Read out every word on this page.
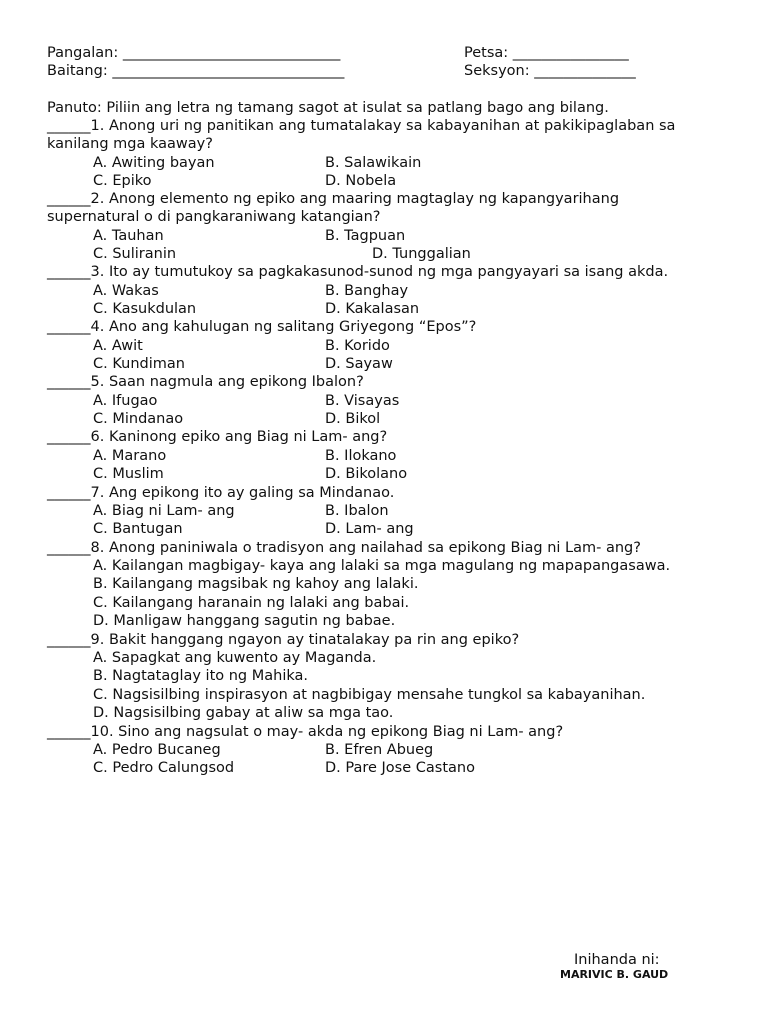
Pangalan: ______________________________	Petsa: ________________
Baitang: ________________________________	Seksyon: ______________
Panuto: Piliin ang letra ng tamang sagot at isulat sa patlang bago ang bilang.
______1. Anong uri ng panitikan ang tumatalakay sa kabayanihan at pakikipaglaban sa
kanilang mga kaaway?
A. Awiting bayan	B. Salawikain
C. Epiko	D. Nobela
______2. Anong elemento ng epiko ang maaring magtaglay ng kapangyarihang
supernatural o di pangkaraniwang katangian?
A. Tauhan	B. Tagpuan
C. Suliranin	D. Tunggalian
______3. Ito ay tumutukoy sa pagkakasunod-sunod ng mga pangyayari sa isang akda.
A. Wakas	B. Banghay
C. Kasukdulan	D. Kakalasan
______4. Ano ang kahulugan ng salitang Griyegong “Epos”?
A. Awit	B. Korido
C. Kundiman	D. Sayaw
______5. Saan nagmula ang epikong Ibalon?
A. Ifugao	B. Visayas
C. Mindanao	D. Bikol
______6. Kaninong epiko ang Biag ni Lam- ang?
A. Marano	B. Ilokano
C. Muslim	D. Bikolano
______7. Ang epikong ito ay galing sa Mindanao.
A. Biag ni Lam- ang	B. Ibalon
C. Bantugan	D. Lam- ang
______8. Anong paniniwala o tradisyon ang nailahad sa epikong Biag ni Lam- ang?
A. Kailangan magbigay- kaya ang lalaki sa mga magulang ng mapapangasawa.
B. Kailangang magsibak ng kahoy ang lalaki.
C. Kailangang haranain ng lalaki ang babai.
D. Manligaw hanggang sagutin ng babae.
______9. Bakit hanggang ngayon ay tinatalakay pa rin ang epiko?
A. Sapagkat ang kuwento ay Maganda.
B. Nagtataglay ito ng Mahika.
C. Nagsisilbing inspirasyon at nagbibigay mensahe tungkol sa kabayanihan.
D. Nagsisilbing gabay at aliw sa mga tao.
______10. Sino ang nagsulat o may- akda ng epikong Biag ni Lam- ang?
A. Pedro Bucaneg	B. Efren Abueg
C. Pedro Calungsod	D. Pare Jose Castano
Inihanda ni:
MARIVIC B. GAUD
